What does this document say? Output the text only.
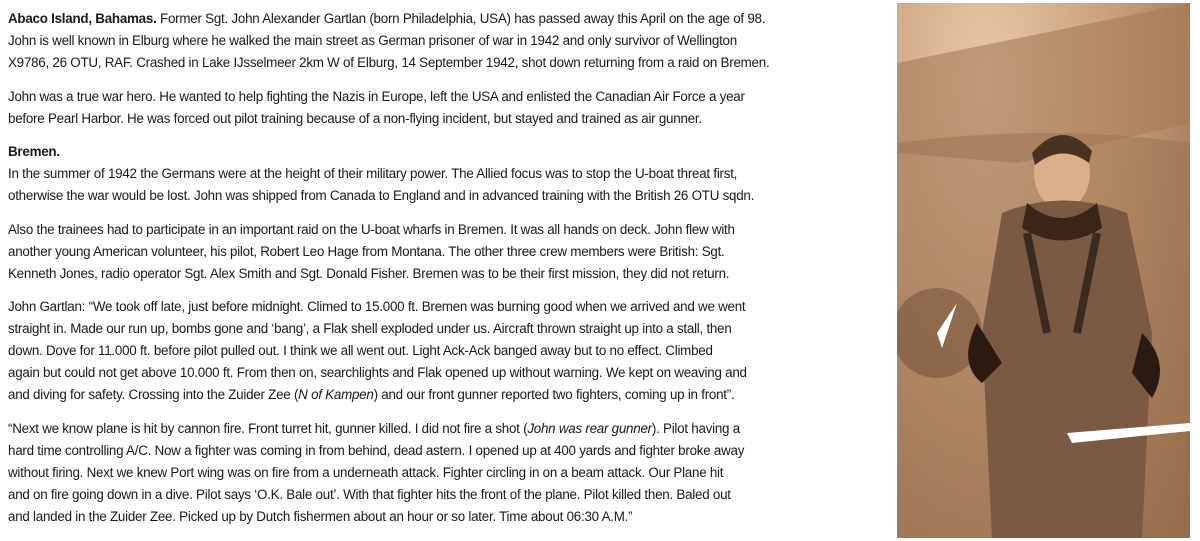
Abaco Island, Bahamas. Former Sgt. John Alexander Gartlan (born Philadelphia, USA) has passed away this April on the age of 98.
John is well known in Elburg where he walked the main street as German prisoner of war in 1942 and only survivor of Wellington
X9786, 26 OTU, RAF. Crashed in Lake IJsselmeer 2km W of Elburg, 14 September 1942, shot down returning from a raid on Bremen.
John was a true war hero. He wanted to help fighting the Nazis in Europe, left the USA and enlisted the Canadian Air Force a year
before Pearl Harbor. He was forced out pilot training because of a non-flying incident, but stayed and trained as air gunner.
Bremen.
In the summer of 1942 the Germans were at the height of their military power. The Allied focus was to stop the U-boat threat first,
otherwise the war would be lost. John was shipped from Canada to England and in advanced training with the British 26 OTU sqdn.
Also the trainees had to participate in an important raid on the U-boat wharfs in Bremen. It was all hands on deck. John flew with
another young American volunteer, his pilot, Robert Leo Hage from Montana. The other three crew members were British: Sgt.
Kenneth Jones, radio operator Sgt. Alex Smith and Sgt. Donald Fisher. Bremen was to be their first mission, they did not return.
John Gartlan: “We took off late, just before midnight. Climed to 15.000 ft. Bremen was burning good when we arrived and we went
straight in. Made our run up, bombs gone and ‘bang’, a Flak shell exploded under us. Aircraft thrown straight up into a stall, then
down. Dove for 11.000 ft. before pilot pulled out. I think we all went out. Light Ack-Ack banged away but to no effect. Climbed
again but could not get above 10.000 ft. From then on, searchlights and Flak opened up without warning. We kept on weaving and
and diving for safety. Crossing into the Zuider Zee (N of Kampen) and our front gunner reported two fighters, coming up in front”.
“Next we know plane is hit by cannon fire. Front turret hit, gunner killed. I did not fire a shot (John was rear gunner). Pilot having a
hard time controlling A/C. Now a fighter was coming in from behind, dead astern. I opened up at 400 yards and fighter broke away
without firing. Next we knew Port wing was on fire from a underneath attack. Fighter circling in on a beam attack. Our Plane hit
and on fire going down in a dive. Pilot says ‘O.K. Bale out’. With that fighter hits the front of the plane. Pilot killed then. Baled out
and landed in the Zuider Zee. Picked up by Dutch fishermen about an hour or so later. Time about 06:30 A.M.”
